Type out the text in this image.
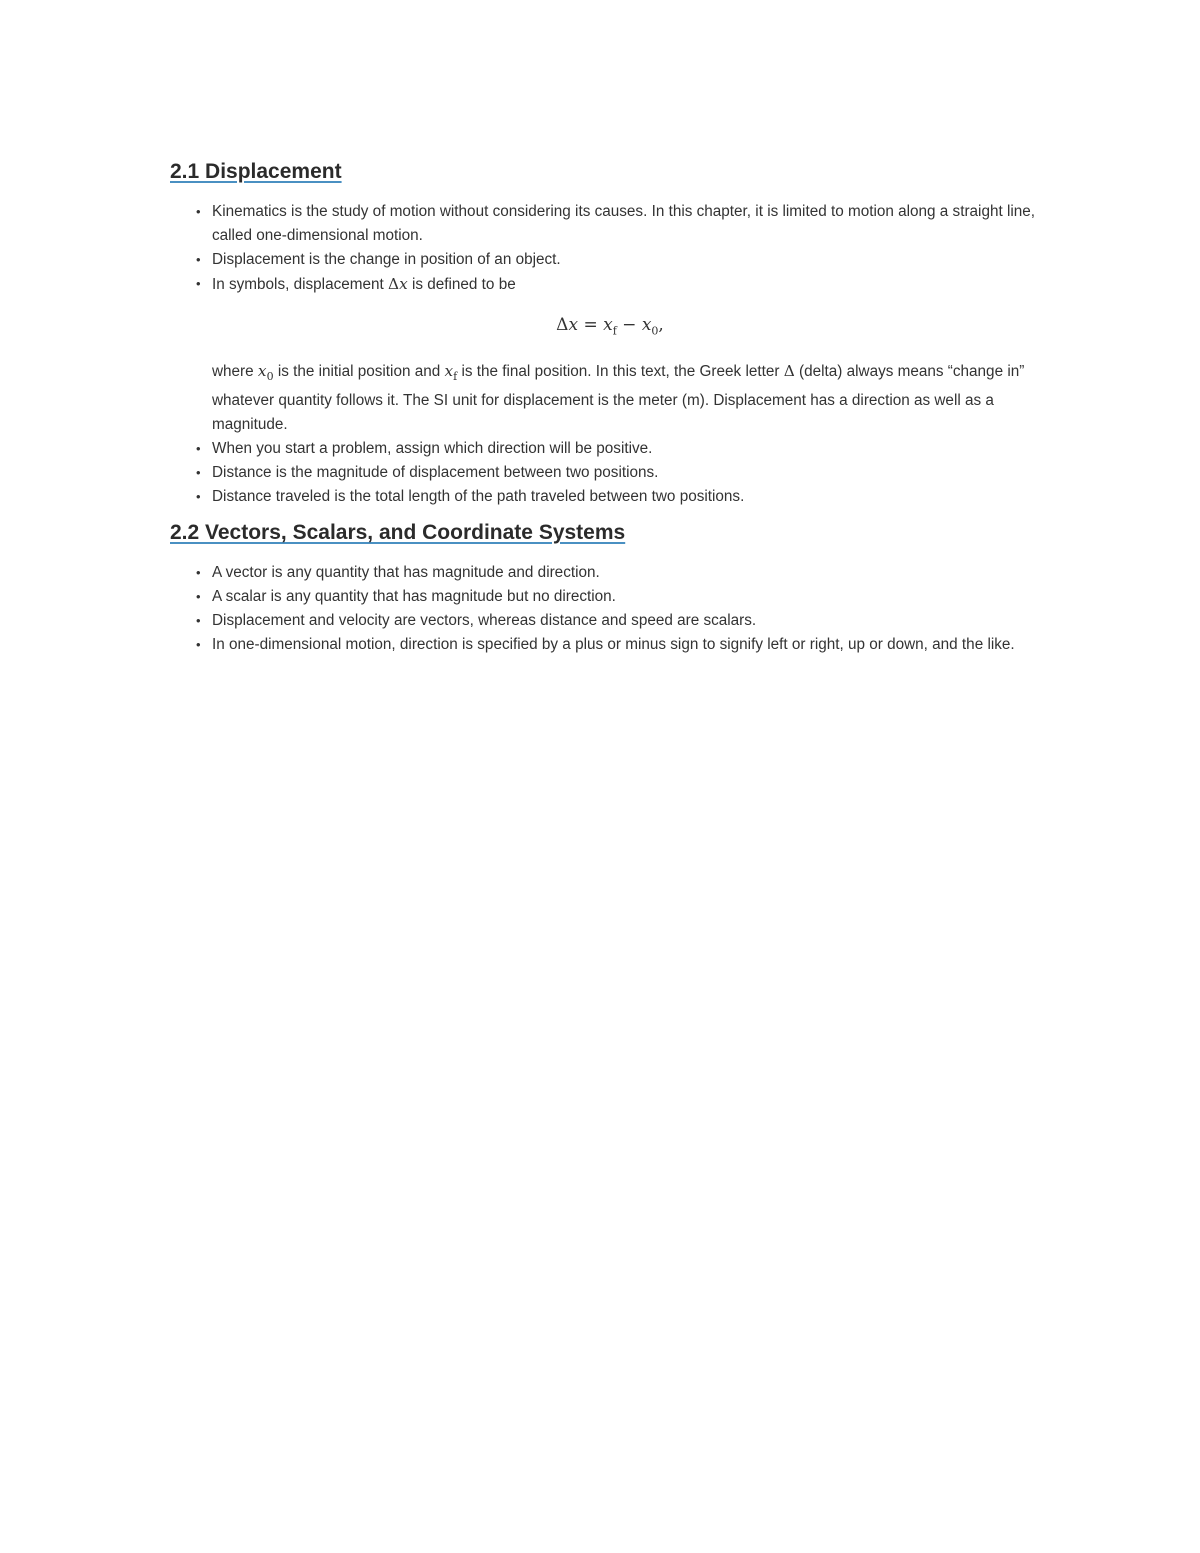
2.1 Displacement
• Kinematics is the study of motion without considering its causes. In this chapter, it is limited to motion along a straight line, called one-dimensional motion.
• Displacement is the change in position of an object.
• In symbols, displacement Δx is defined to be
$\Delta x = x_f - x_0$,
where $x_0$ is the initial position and $x_f$ is the final position. In this text, the Greek letter Δ (delta) always means “change in” whatever quantity follows it. The SI unit for displacement is the meter (m). Displacement has a direction as well as a magnitude.
• When you start a problem, assign which direction will be positive.
• Distance is the magnitude of displacement between two positions.
• Distance traveled is the total length of the path traveled between two positions.
2.2 Vectors, Scalars, and Coordinate Systems
• A vector is any quantity that has magnitude and direction.
• A scalar is any quantity that has magnitude but no direction.
• Displacement and velocity are vectors, whereas distance and speed are scalars.
• In one-dimensional motion, direction is specified by a plus or minus sign to signify left or right, up or down, and the like.
